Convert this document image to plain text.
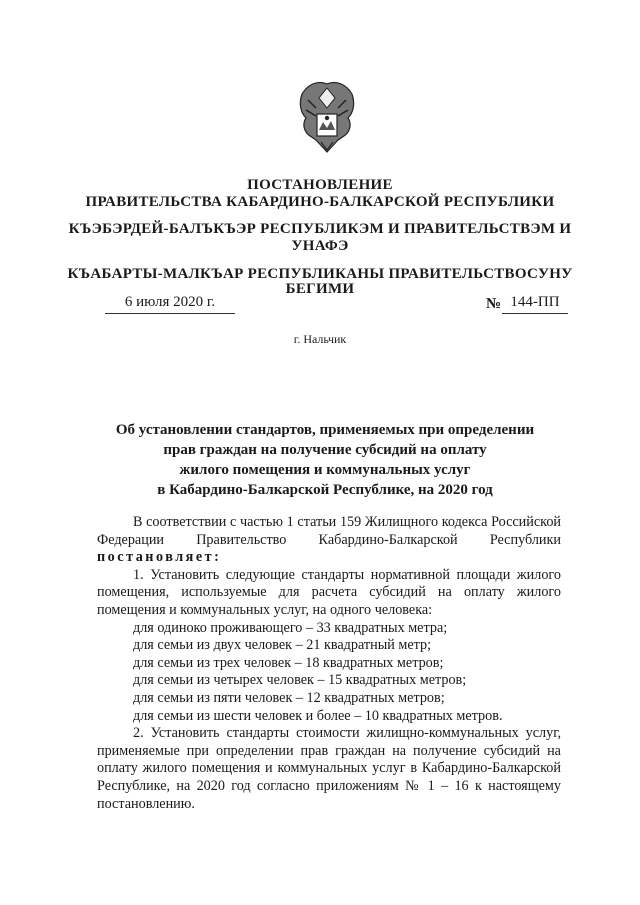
ПОСТАНОВЛЕНИЕ
ПРАВИТЕЛЬСТВА КАБАРДИНО-БАЛКАРСКОЙ РЕСПУБЛИКИ
КЪЭБЭРДЕЙ-БАЛЪКЪЭР РЕСПУБЛИКЭМ И ПРАВИТЕЛЬСТВЭМ И
УНАФЭ
КЪАБАРТЫ-МАЛКЪАР РЕСПУБЛИКАНЫ ПРАВИТЕЛЬСТВОСУНУ
БЕГИМИ
6 июля 2020 г.	№ 144-ПП
г. Нальчик
Об установлении стандартов, применяемых при определении
прав граждан на получение субсидий на оплату
жилого помещения и коммунальных услуг
в Кабардино-Балкарской Республике, на 2020 год

В соответствии с частью 1 статьи 159 Жилищного кодекса Российской Федерации Правительство Кабардино-Балкарской Республики постановляет:

1. Установить следующие стандарты нормативной площади жилого помещения, используемые для расчета субсидий на оплату жилого помещения и коммунальных услуг, на одного человека:

для одиноко проживающего – 33 квадратных метра;

для семьи из двух человек – 21 квадратный метр;

для семьи из трех человек – 18 квадратных метров;

для семьи из четырех человек – 15 квадратных метров;

для семьи из пяти человек – 12 квадратных метров;

для семьи из шести человек и более – 10 квадратных метров.

2. Установить стандарты стоимости жилищно-коммунальных услуг, применяемые при определении прав граждан на получение субсидий на оплату жилого помещения и коммунальных услуг в Кабардино-Балкарской Республике, на 2020 год согласно приложениям № 1 – 16 к настоящему постановлению.
